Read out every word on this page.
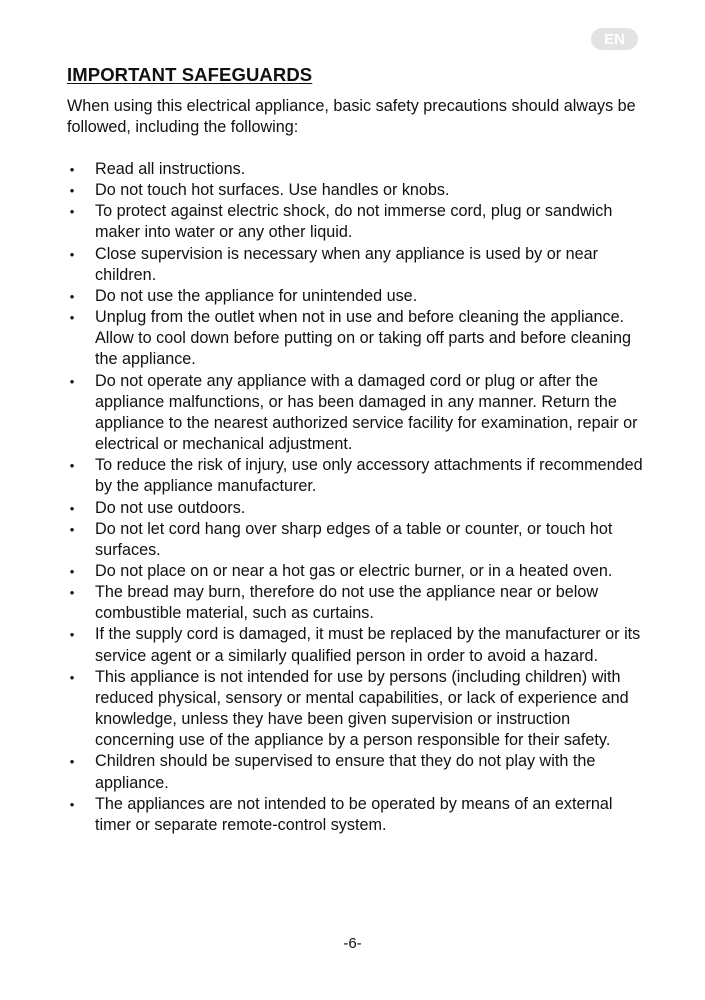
EN
IMPORTANT SAFEGUARDS

When using this electrical appliance, basic safety precautions should always be followed, including the following:

• Read all instructions.
• Do not touch hot surfaces. Use handles or knobs.
• To protect against electric shock, do not immerse cord, plug or sandwich maker into water or any other liquid.
• Close supervision is necessary when any appliance is used by or near children.
• Do not use the appliance for unintended use.
• Unplug from the outlet when not in use and before cleaning the appliance. Allow to cool down before putting on or taking off parts and before cleaning the appliance.
• Do not operate any appliance with a damaged cord or plug or after the appliance malfunctions, or has been damaged in any manner. Return the appliance to the nearest authorized service facility for examination, repair or electrical or mechanical adjustment.
• To reduce the risk of injury, use only accessory attachments if recommended by the appliance manufacturer.
• Do not use outdoors.
• Do not let cord hang over sharp edges of a table or counter, or touch hot surfaces.
• Do not place on or near a hot gas or electric burner, or in a heated oven.
• The bread may burn, therefore do not use the appliance near or below combustible material, such as curtains.
• If the supply cord is damaged, it must be replaced by the manufacturer or its service agent or a similarly qualified person in order to avoid a hazard.
• This appliance is not intended for use by persons (including children) with reduced physical, sensory or mental capabilities, or lack of experience and knowledge, unless they have been given supervision or instruction concerning use of the appliance by a person responsible for their safety.
• Children should be supervised to ensure that they do not play with the appliance.
• The appliances are not intended to be operated by means of an external timer or separate remote-control system.
-6-
